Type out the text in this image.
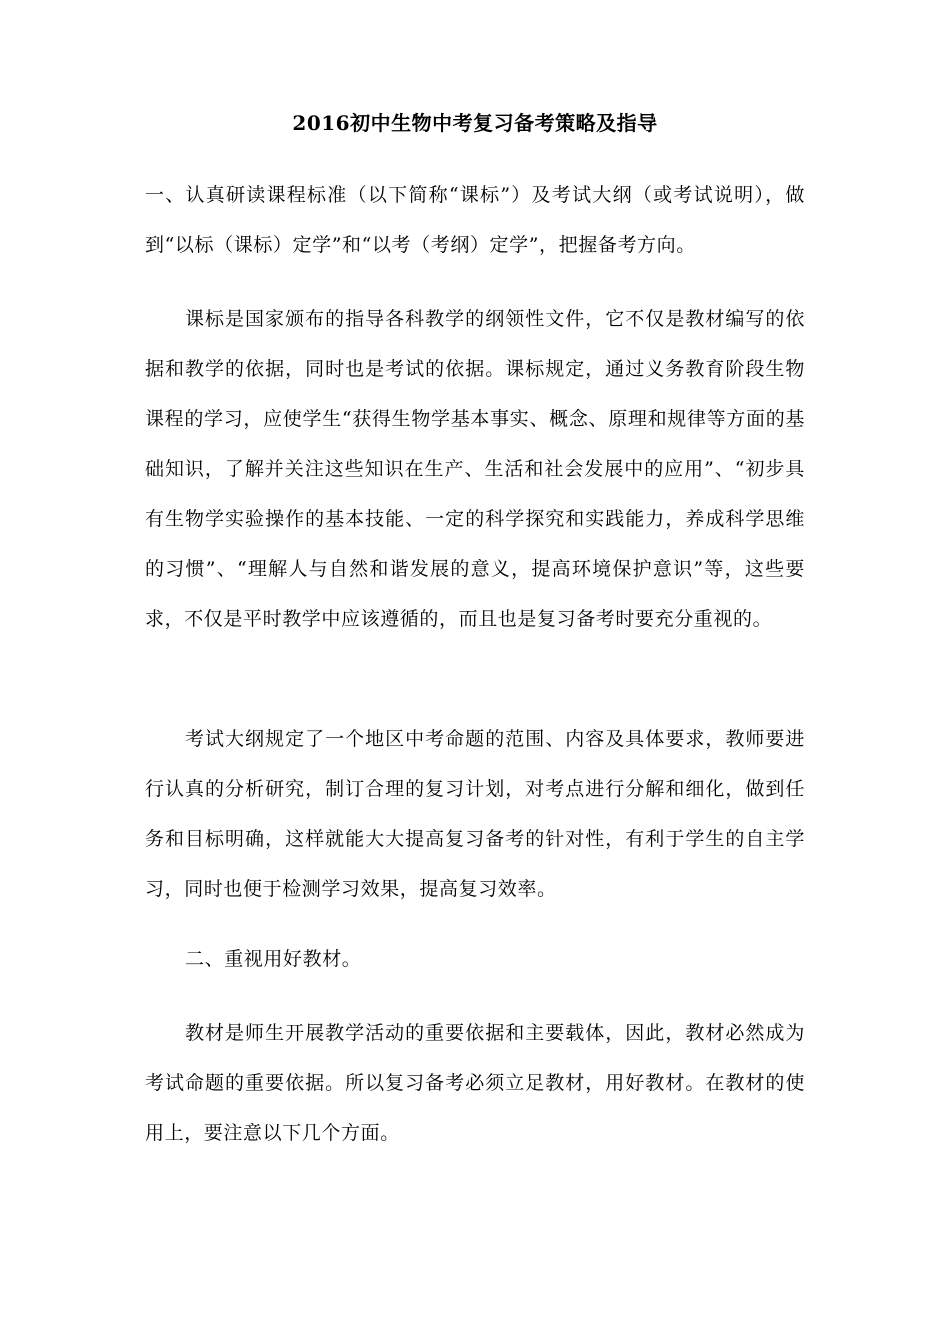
2016初中生物中考复习备考策略及指导

一、认真研读课程标准（以下简称“课标”）及考试大纲（或考试说明），做到“以标（课标）定学”和“以考（考纲）定学”，把握备考方向。

课标是国家颁布的指导各科教学的纲领性文件，它不仅是教材编写的依据和教学的依据，同时也是考试的依据。课标规定，通过义务教育阶段生物课程的学习，应使学生“获得生物学基本事实、概念、原理和规律等方面的基础知识，了解并关注这些知识在生产、生活和社会发展中的应用”、“初步具有生物学实验操作的基本技能、一定的科学探究和实践能力，养成科学思维的习惯”、“理解人与自然和谐发展的意义，提高环境保护意识”等，这些要求，不仅是平时教学中应该遵循的，而且也是复习备考时要充分重视的。

考试大纲规定了一个地区中考命题的范围、内容及具体要求，教师要进行认真的分析研究，制订合理的复习计划，对考点进行分解和细化，做到任务和目标明确，这样就能大大提高复习备考的针对性，有利于学生的自主学习，同时也便于检测学习效果，提高复习效率。

二、重视用好教材。

教材是师生开展教学活动的重要依据和主要载体，因此，教材必然成为考试命题的重要依据。所以复习备考必须立足教材，用好教材。在教材的使用上，要注意以下几个方面。
